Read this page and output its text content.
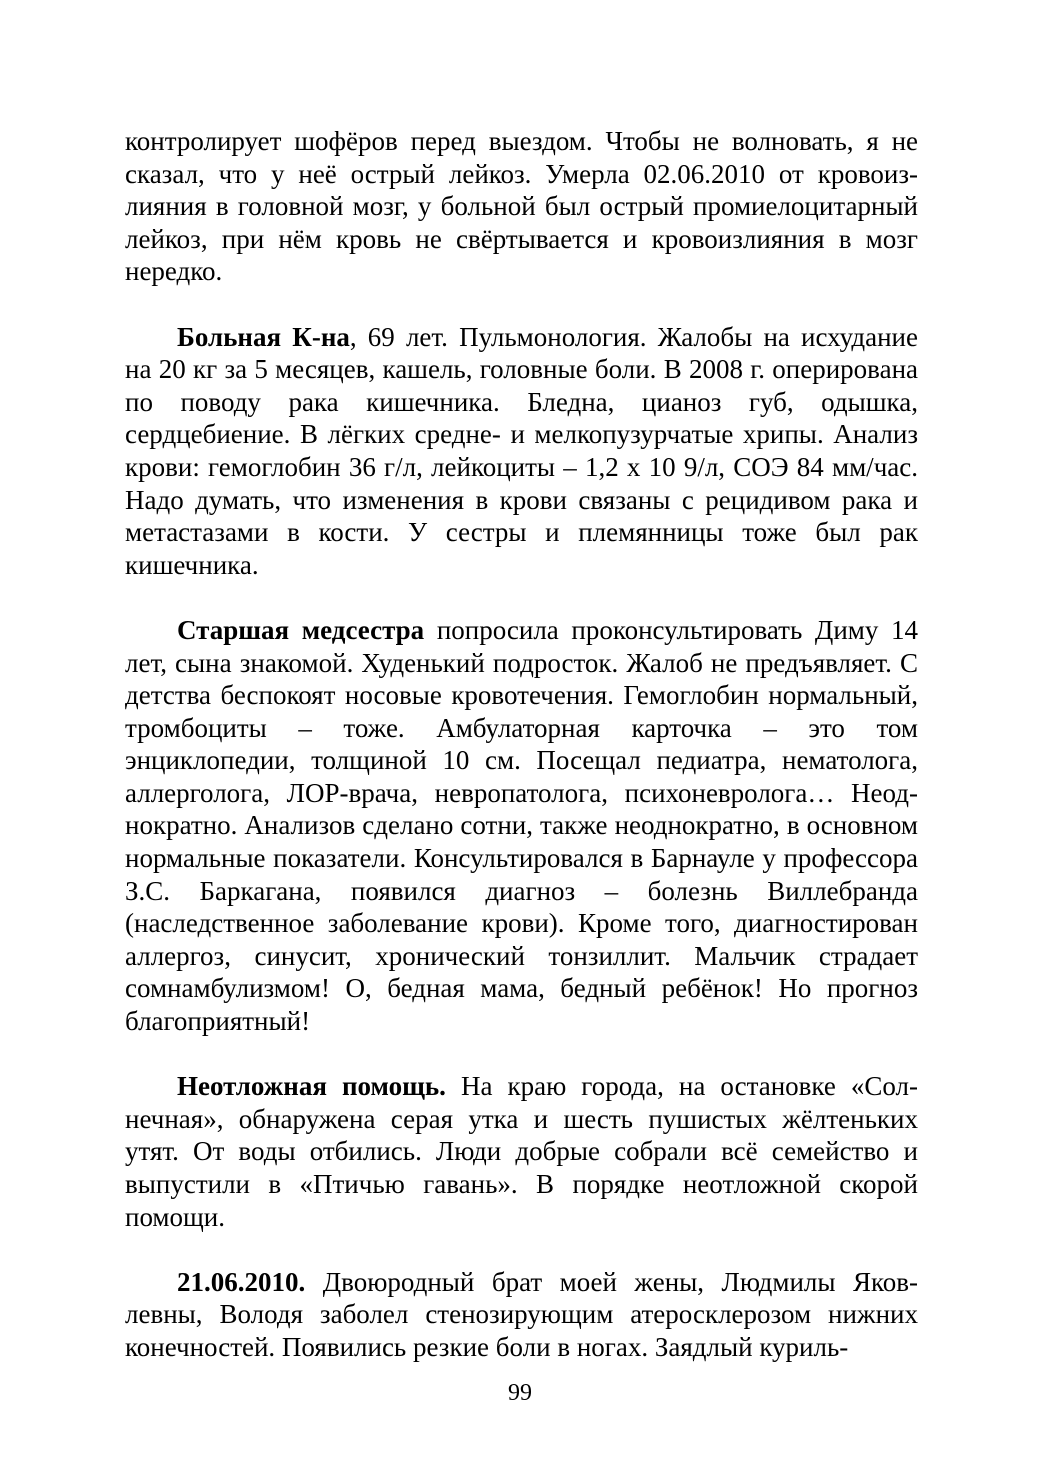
контролирует шофёров перед выездом. Чтобы не волновать, я не сказал, что у неё острый лейкоз. Умерла 02.06.2010 от кровоизлияния в головной мозг, у больной был острый промиелоцитарный лейкоз, при нём кровь не свёртывается и кровоизлияния в мозг нередко.

Больная К-на, 69 лет. Пульмонология. Жалобы на исхудание на 20 кг за 5 месяцев, кашель, головные боли. В 2008 г. оперирована по поводу рака кишечника. Бледна, цианоз губ, одышка, сердцебиение. В лёгких средне- и мелкопузурчатые хрипы. Анализ крови: гемоглобин 36 г/л, лейкоциты – 1,2 х 10 9/л, СОЭ 84 мм/час. Надо думать, что изменения в крови связаны с рецидивом рака и метастазами в кости. У сестры и племянницы тоже был рак кишечника.

Старшая медсестра попросила проконсультировать Диму 14 лет, сына знакомой. Худенький подросток. Жалоб не предъявляет. С детства беспокоят носовые кровотечения. Гемоглобин нормальный, тромбоциты – тоже. Амбулаторная карточка – это том энциклопедии, толщиной 10 см. Посещал педиатра, нематолога, аллерголога, ЛОР-врача, невропатолога, психоневролога… Неоднократно. Анализов сделано сотни, также неоднократно, в основном нормальные показатели. Консультировался в Барнауле у профессора З.С. Баркагана, появился диагноз – болезнь Виллебранда (наследственное заболевание крови). Кроме того, диагностирован аллергоз, синусит, хронический тонзиллит. Мальчик страдает сомнамбулизмом! О, бедная мама, бедный ребёнок! Но прогноз благоприятный!

Неотложная помощь. На краю города, на остановке «Солнечная», обнаружена серая утка и шесть пушистых жёлтеньких утят. От воды отбились. Люди добрые собрали всё семейство и выпустили в «Птичью гавань». В порядке неотложной скорой помощи.

21.06.2010. Двоюродный брат моей жены, Людмилы Яковлевны, Володя заболел стенозирующим атеросклерозом нижних конечностей. Появились резкие боли в ногах. Заядлый куриль-

99
